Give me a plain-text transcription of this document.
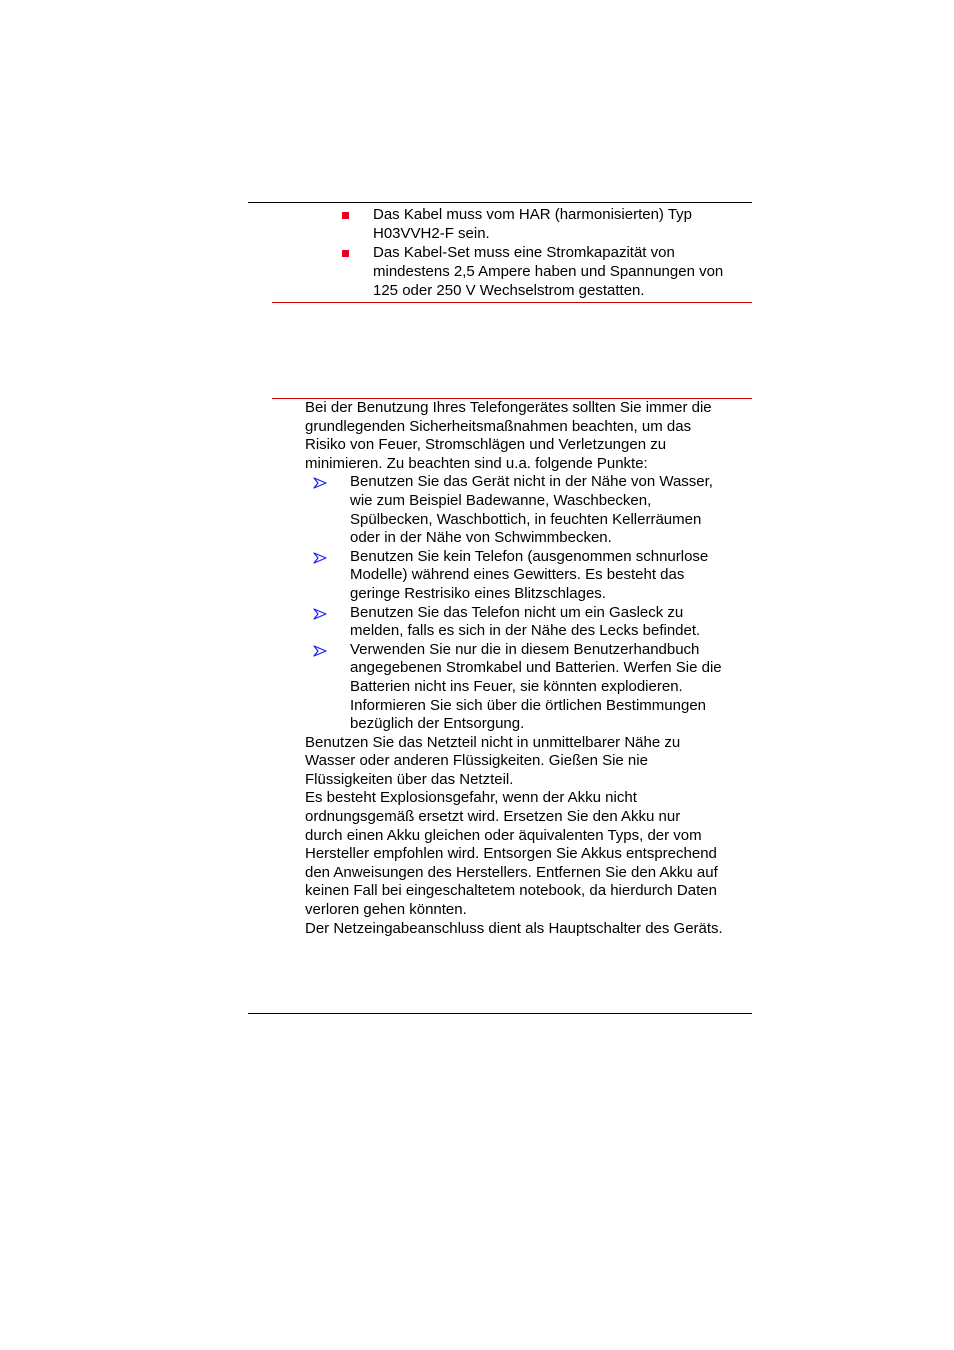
Das Kabel muss vom HAR (harmonisierten) Typ
H03VVH2-F sein.
Das Kabel-Set muss eine Stromkapazität von
mindestens 2,5 Ampere haben und Spannungen von
125 oder 250 V Wechselstrom gestatten.
Bei der Benutzung Ihres Telefongerätes sollten Sie immer die
grundlegenden Sicherheitsmaßnahmen beachten, um das
Risiko von Feuer, Stromschlägen und Verletzungen zu
minimieren. Zu beachten sind u.a. folgende Punkte:
Benutzen Sie das Gerät nicht in der Nähe von Wasser,
wie zum Beispiel Badewanne, Waschbecken,
Spülbecken, Waschbottich, in feuchten Kellerräumen
oder in der Nähe von Schwimmbecken.
Benutzen Sie kein Telefon (ausgenommen schnurlose
Modelle) während eines Gewitters. Es besteht das
geringe Restrisiko eines Blitzschlages.
Benutzen Sie das Telefon nicht um ein Gasleck zu
melden, falls es sich in der Nähe des Lecks befindet.
Verwenden Sie nur die in diesem Benutzerhandbuch
angegebenen Stromkabel und Batterien. Werfen Sie die
Batterien nicht ins Feuer, sie könnten explodieren.
Informieren Sie sich über die örtlichen Bestimmungen
bezüglich der Entsorgung.
Benutzen Sie das Netzteil nicht in unmittelbarer Nähe zu
Wasser oder anderen Flüssigkeiten. Gießen Sie nie
Flüssigkeiten über das Netzteil.
Es besteht Explosionsgefahr, wenn der Akku nicht
ordnungsgemäß ersetzt wird. Ersetzen Sie den Akku nur
durch einen Akku gleichen oder äquivalenten Typs, der vom
Hersteller empfohlen wird. Entsorgen Sie Akkus entsprechend
den Anweisungen des Herstellers. Entfernen Sie den Akku auf
keinen Fall bei eingeschaltetem notebook, da hierdurch Daten
verloren gehen könnten.
Der Netzeingabeanschluss dient als Hauptschalter des Geräts.
